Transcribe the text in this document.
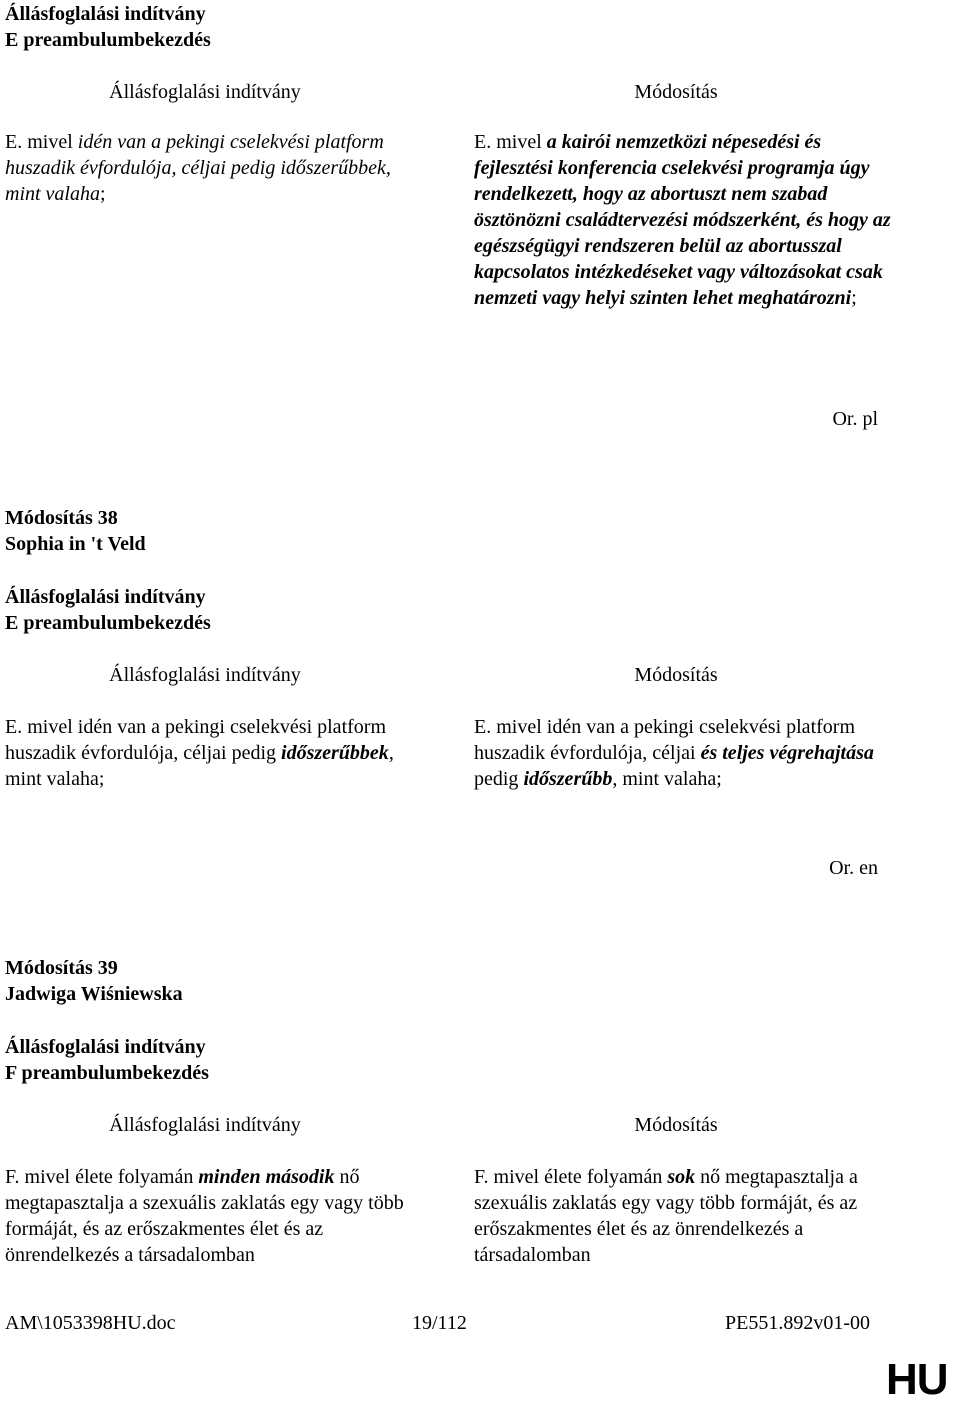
Állásfoglalási indítvány
E preambulumbekezdés
Állásfoglalási indítvány	Módosítás
E. mivel idén van a pekingi cselekvési platform huszadik évfordulója, céljai pedig időszerűbbek, mint valaha;
E. mivel a kairói nemzetközi népesedési és fejlesztési konferencia cselekvési programja úgy rendelkezett, hogy az abortuszt nem szabad ösztönözni családtervezési módszerként, és hogy az egészségügyi rendszeren belül az abortusszal kapcsolatos intézkedéseket vagy változásokat csak nemzeti vagy helyi szinten lehet meghatározni;
Or. pl
Módosítás 38
Sophia in 't Veld
Állásfoglalási indítvány
E preambulumbekezdés
Állásfoglalási indítvány	Módosítás
E. mivel idén van a pekingi cselekvési platform huszadik évfordulója, céljai pedig időszerűbbek, mint valaha;
E. mivel idén van a pekingi cselekvési platform huszadik évfordulója, céljai és teljes végrehajtása pedig időszerűbb, mint valaha;
Or. en
Módosítás 39
Jadwiga Wiśniewska
Állásfoglalási indítvány
F preambulumbekezdés
Állásfoglalási indítvány	Módosítás
F. mivel élete folyamán minden második nő megtapasztalja a szexuális zaklatás egy vagy több formáját, és az erőszakmentes élet és az önrendelkezés a társadalomban
F. mivel élete folyamán sok nő megtapasztalja a szexuális zaklatás egy vagy több formáját, és az erőszakmentes élet és az önrendelkezés a társadalomban
AM\1053398HU.doc	19/112	PE551.892v01-00
HU
